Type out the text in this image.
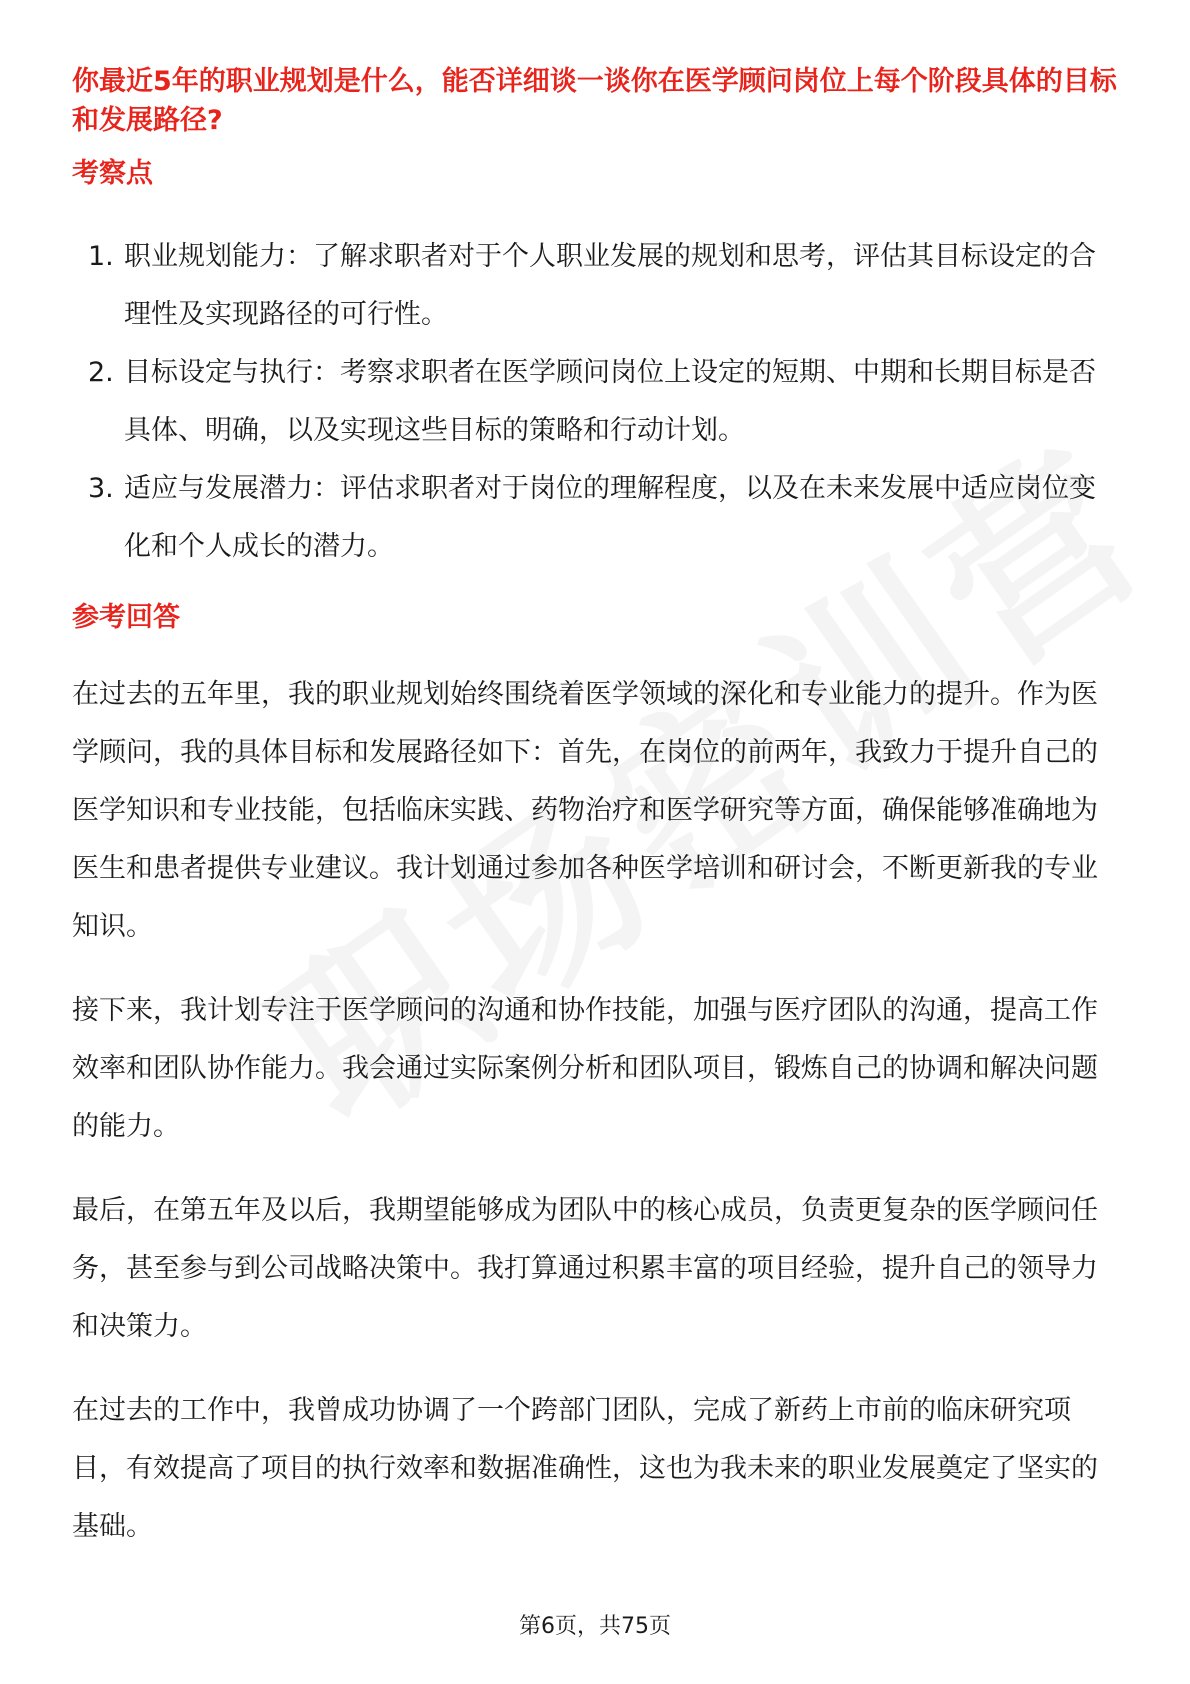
你最近5年的职业规划是什么，能否详细谈一谈你在医学顾问岗位上每个阶段具体的目标和发展路径?
考察点
1. 职业规划能力：了解求职者对于个人职业发展的规划和思考，评估其目标设定的合理性及实现路径的可行性。
2. 目标设定与执行：考察求职者在医学顾问岗位上设定的短期、中期和长期目标是否具体、明确，以及实现这些目标的策略和行动计划。
3. 适应与发展潜力：评估求职者对于岗位的理解程度，以及在未来发展中适应岗位变化和个人成长的潜力。
参考回答

在过去的五年里，我的职业规划始终围绕着医学领域的深化和专业能力的提升。作为医学顾问，我的具体目标和发展路径如下：首先，在岗位的前两年，我致力于提升自己的医学知识和专业技能，包括临床实践、药物治疗和医学研究等方面，确保能够准确地为医生和患者提供专业建议。我计划通过参加各种医学培训和研讨会，不断更新我的专业知识。

接下来，我计划专注于医学顾问的沟通和协作技能，加强与医疗团队的沟通，提高工作效率和团队协作能力。我会通过实际案例分析和团队项目，锻炼自己的协调和解决问题的能力。

最后，在第五年及以后，我期望能够成为团队中的核心成员，负责更复杂的医学顾问任务，甚至参与到公司战略决策中。我打算通过积累丰富的项目经验，提升自己的领导力和决策力。

在过去的工作中，我曾成功协调了一个跨部门团队，完成了新药上市前的临床研究项目，有效提高了项目的执行效率和数据准确性，这也为我未来的职业发展奠定了坚实的基础。

第6页，共75页
